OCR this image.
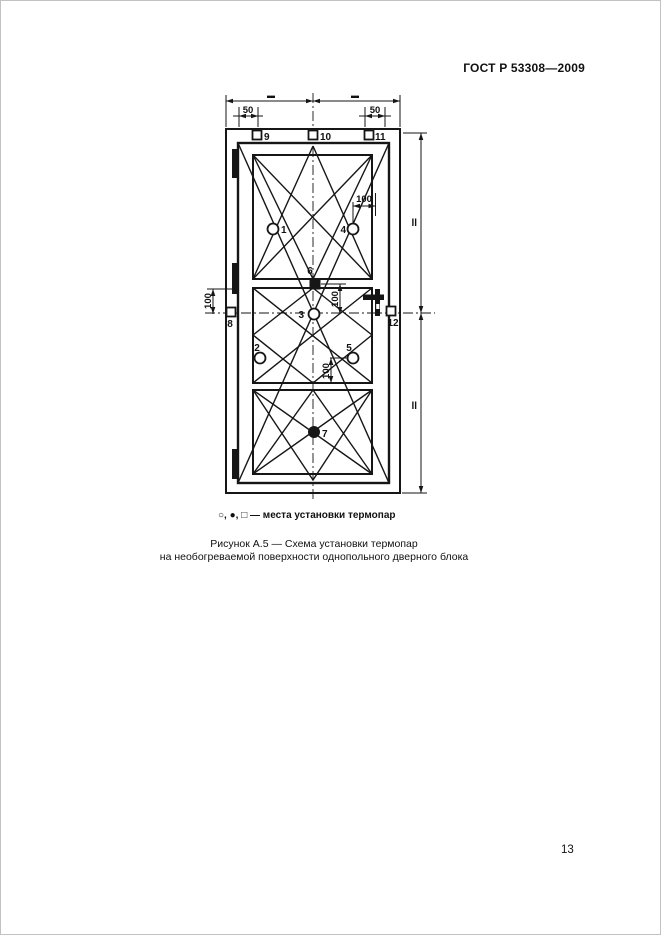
ГОСТ Р 53308—2009
▬	▬
50	50
100
100
100
100
ll
ll
1
2
3
4
5
6
7
8
9	10	11
12
○, ●, □ — места установки термопар
Рисунок А.5 — Схема установки термопар
на необогреваемой поверхности однопольного дверного блока
13
